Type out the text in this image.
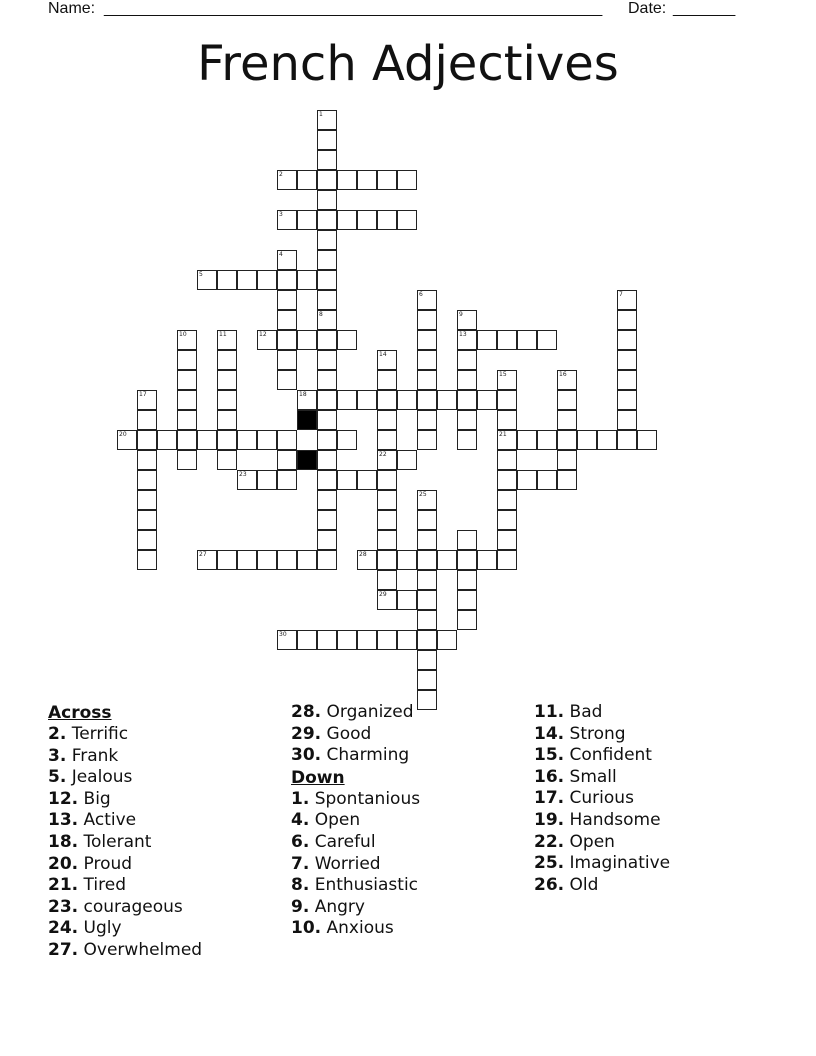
Name: ________________________________________________________ Date: _______
French Adjectives
1
2
3
4
5
8
6	7
9
13
12
10	11
14
22
15
21
16
17	18
20
23
25
27	28
29
30
Across
2. Terrific
3. Frank
5. Jealous
12. Big
13. Active
18. Tolerant
20. Proud
21. Tired
23. courageous
24. Ugly
27. Overwhelmed
28. Organized
29. Good
30. Charming
Down
1. Spontanious
4. Open
6. Careful
7. Worried
8. Enthusiastic
9. Angry
10. Anxious
11. Bad
14. Strong
15. Confident
16. Small
17. Curious
19. Handsome
22. Open
25. Imaginative
26. Old
